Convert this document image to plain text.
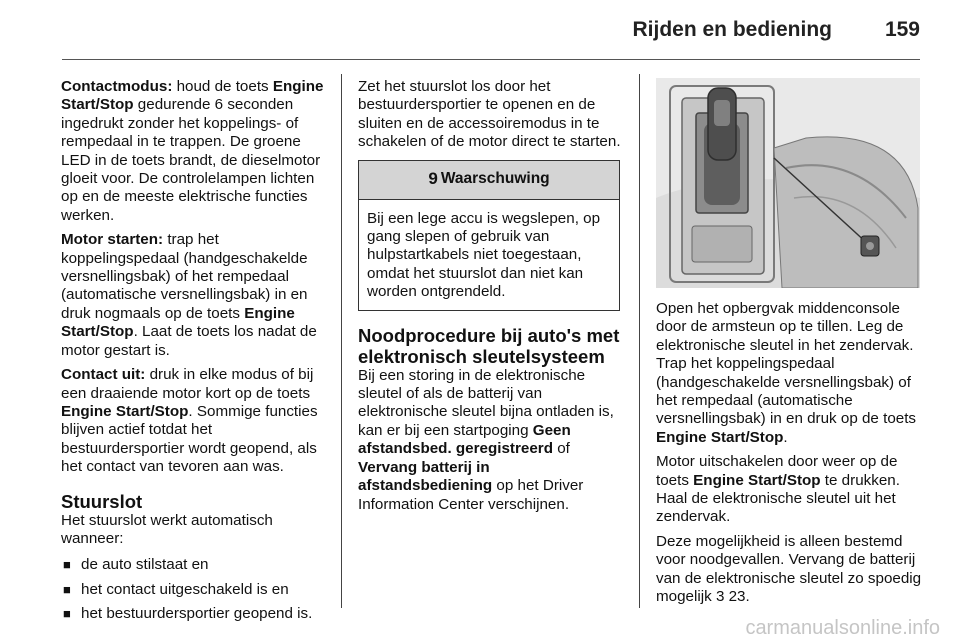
Rijden en bediening	159

Contactmodus: houd de toets Engine Start/Stop gedurende 6 seconden ingedrukt zonder het koppelings- of rempedaal in te trappen. De groene LED in de toets brandt, de dieselmotor gloeit voor. De controlelampen lichten op en de meeste elektrische functies werken.

Motor starten: trap het koppelingspedaal (handgeschakelde versnellingsbak) of het rempedaal (automatische versnellingsbak) in en druk nogmaals op de toets Engine Start/Stop. Laat de toets los nadat de motor gestart is.

Contact uit: druk in elke modus of bij een draaiende motor kort op de toets Engine Start/Stop. Sommige functies blijven actief totdat het bestuurdersportier wordt geopend, als het contact van tevoren aan was.

Stuurslot

Het stuurslot werkt automatisch wanneer:

■ de auto stilstaat en
■ het contact uitgeschakeld is en
■ het bestuurdersportier geopend is.

Zet het stuurslot los door het bestuurdersportier te openen en de sluiten en de accessoiremodus in te schakelen of de motor direct te starten.

9 Waarschuwing
Bij een lege accu is wegslepen, op gang slepen of gebruik van hulpstartkabels niet toegestaan, omdat het stuurslot dan niet kan worden ontgrendeld.
Noodprocedure bij auto's met elektronisch sleutelsysteem

Bij een storing in de elektronische sleutel of als de batterij van elektronische sleutel bijna ontladen is, kan er bij een startpoging Geen afstandsbed. geregistreerd of Vervang batterij in afstandsbediening op het Driver Information Center verschijnen.

Open het opbergvak middenconsole door de armsteun op te tillen. Leg de elektronische sleutel in het zendervak. Trap het koppelingspedaal (handgeschakelde versnellingsbak) of het rempedaal (automatische versnellingsbak) in en druk op de toets Engine Start/Stop.

Motor uitschakelen door weer op de toets Engine Start/Stop te drukken. Haal de elektronische sleutel uit het zendervak.

Deze mogelijkheid is alleen bestemd voor noodgevallen. Vervang de batterij van de elektronische sleutel zo spoedig mogelijk 3 23.

carmanualsonline.info
